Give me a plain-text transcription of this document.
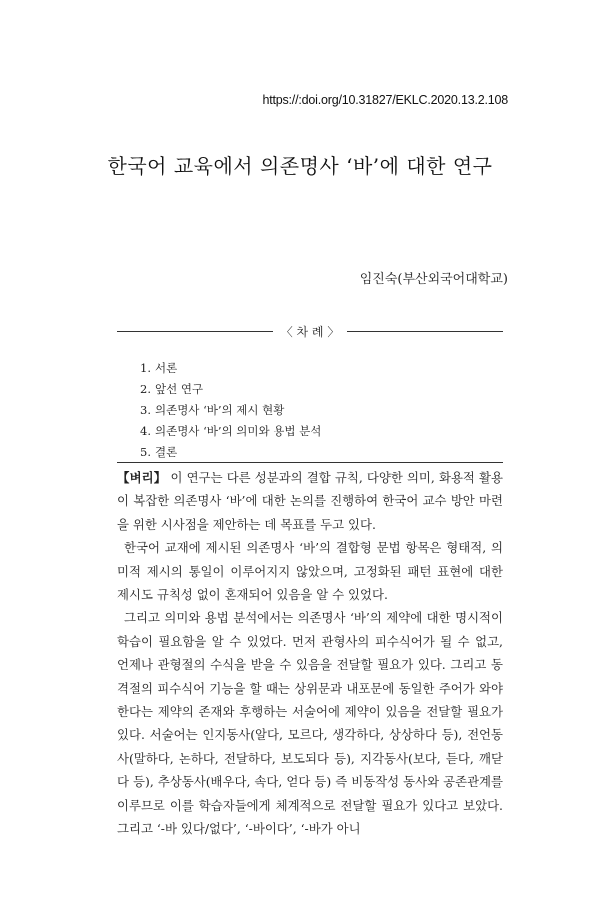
https://:doi.org/10.31827/EKLC.2020.13.2.108
한국어 교육에서 의존명사 ‘바’에 대한 연구
임진숙(부산외국어대학교)
〈 차 례 〉
1. 서론
2. 앞선 연구
3. 의존명사 ‘바’의 제시 현황
4. 의존명사 ‘바’의 의미와 용법 분석
5. 결론

【벼리】 이 연구는 다른 성분과의 결합 규칙, 다양한 의미, 화용적 활용이 복잡한 의존명사 ‘바’에 대한 논의를 진행하여 한국어 교수 방안 마련을 위한 시사점을 제안하는 데 목표를 두고 있다.

한국어 교재에 제시된 의존명사 ‘바’의 결합형 문법 항목은 형태적, 의미적 제시의 통일이 이루어지지 않았으며, 고정화된 패턴 표현에 대한 제시도 규칙성 없이 혼재되어 있음을 알 수 있었다.

그리고 의미와 용법 분석에서는 의존명사 ‘바’의 제약에 대한 명시적이 학습이 필요함을 알 수 있었다. 먼저 관형사의 피수식어가 될 수 없고, 언제나 관형절의 수식을 받을 수 있음을 전달할 필요가 있다. 그리고 동격절의 피수식어 기능을 할 때는 상위문과 내포문에 동일한 주어가 와야 한다는 제약의 존재와 후행하는 서술어에 제약이 있음을 전달할 필요가 있다. 서술어는 인지동사(알다, 모르다, 생각하다, 상상하다 등), 전언동사(말하다, 논하다, 전달하다, 보도되다 등), 지각동사(보다, 듣다, 깨닫다 등), 추상동사(배우다, 속다, 얻다 등) 즉 비동작성 동사와 공존관계를 이루므로 이를 학습자들에게 체계적으로 전달할 필요가 있다고 보았다. 그리고 ‘-바 있다/없다’, ‘-바이다’, ‘-바가 아니
